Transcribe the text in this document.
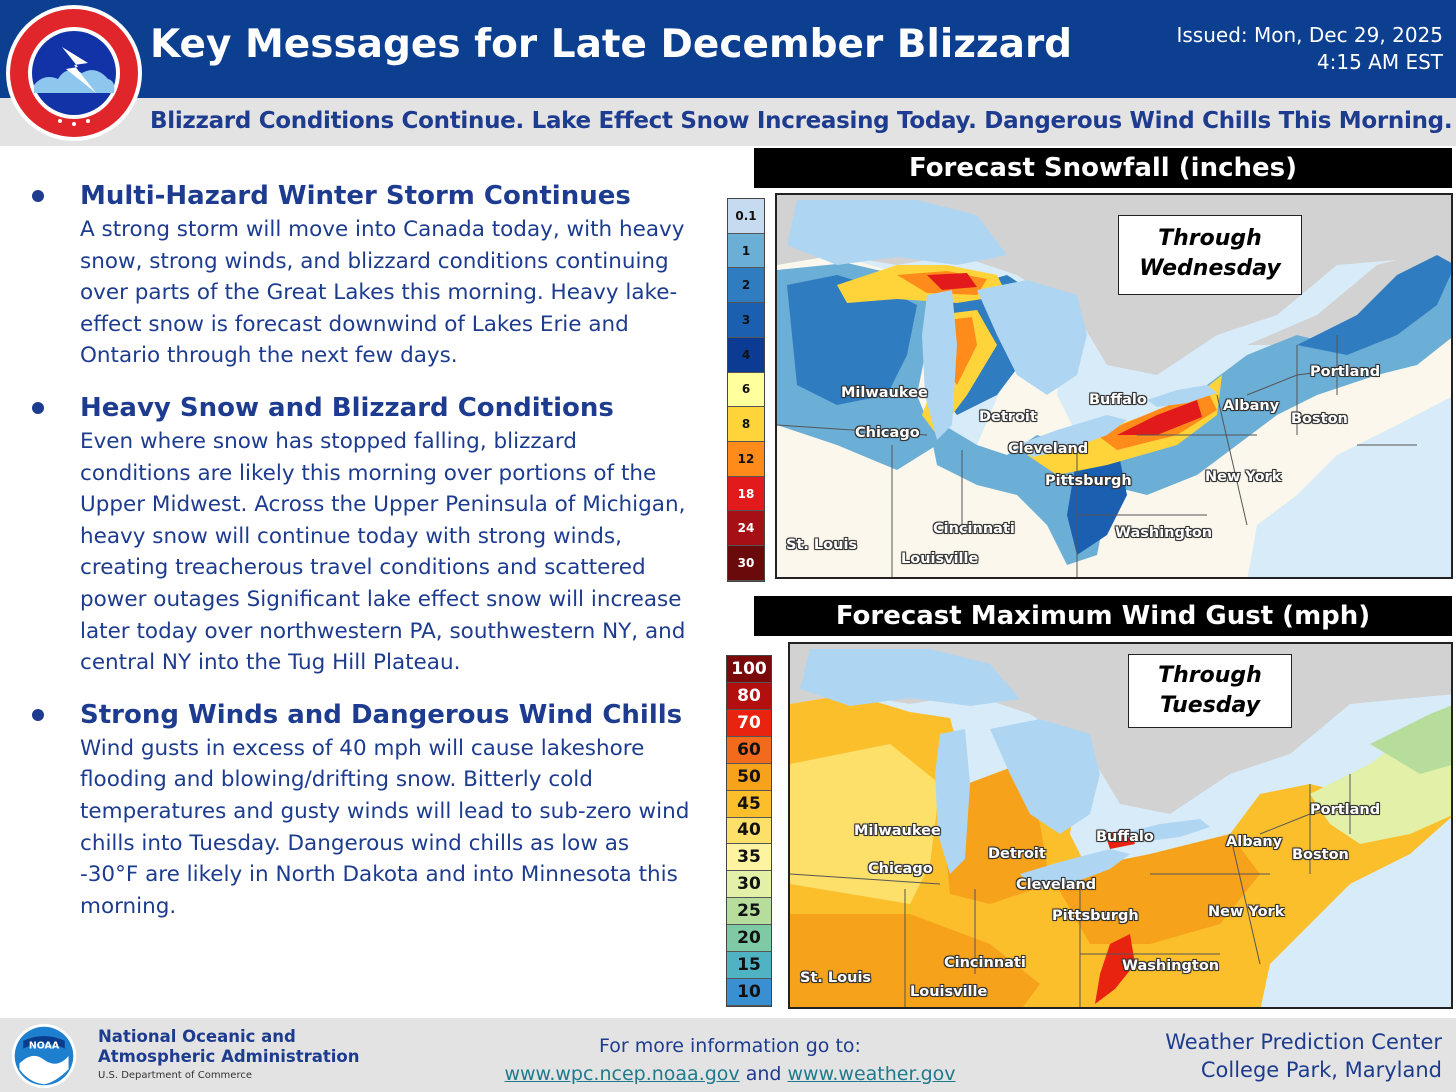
Key Messages for Late December Blizzard	Issued: Mon, Dec 29, 2025
4:15 AM EST
Blizzard Conditions Continue. Lake Effect Snow Increasing Today. Dangerous Wind Chills This Morning.
Multi-Hazard Winter Storm Continues
A strong storm will move into Canada today, with heavy snow, strong winds, and blizzard conditions continuing over parts of the Great Lakes this morning. Heavy lake-effect snow is forecast downwind of Lakes Erie and Ontario through the next few days.
Heavy Snow and Blizzard Conditions
Even where snow has stopped falling, blizzard conditions are likely this morning over portions of the Upper Midwest. Across the Upper Peninsula of Michigan, heavy snow will continue today with strong winds, creating treacherous travel conditions and scattered power outages Significant lake effect snow will increase later today over northwestern PA, southwestern NY, and central NY into the Tug Hill Plateau.
Strong Winds and Dangerous Wind Chills
Wind gusts in excess of 40 mph will cause lakeshore flooding and blowing/drifting snow. Bitterly cold temperatures and gusty winds will lead to sub-zero wind chills into Tuesday. Dangerous wind chills as low as -30°F are likely in North Dakota and into Minnesota this morning.
Forecast Snowfall (inches)
0.1
1
2
3
4
6
8
12
18
24
30
Through
Wednesday
Milwaukee
Chicago
Detroit
Buffalo	Albany
Portland
Boston
Cleveland
Pittsburgh	New York
Washington
Cincinnati
St. Louis
Louisville
Forecast Maximum Wind Gust (mph)
100
80
70
60
50
45
40
35
30
25
20
15
10
Through
Tuesday
Milwaukee
Chicago
Detroit
Buffalo	Albany
Portland
Boston
Cleveland
Pittsburgh	New York
Washington
Cincinnati
St. Louis
Louisville
NOAA National Oceanic and
Atmospheric Administration
U.S. Department of Commerce
For more information go to:
www.wpc.ncep.noaa.gov and www.weather.gov
Weather Prediction Center
College Park, Maryland
